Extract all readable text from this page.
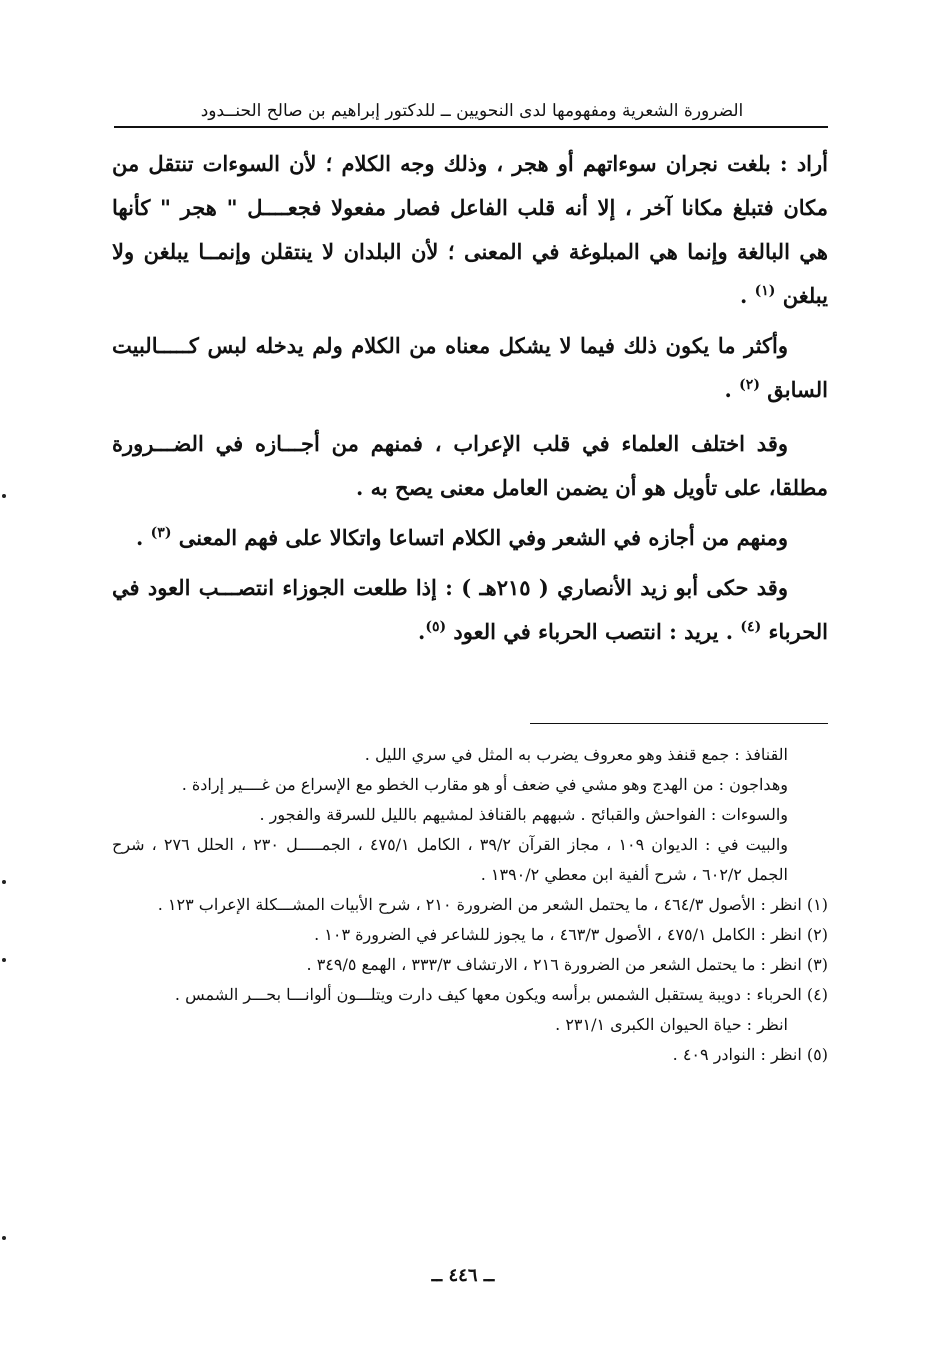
الضرورة الشعرية ومفهومها لدى النحويين ــ للدكتور إبراهيم بن صالح الحنــدود

أراد : بلغت نجران سوءاتهم أو هجر ، وذلك وجه الكلام ؛ لأن السوءات تنتقل من مكان فتبلغ مكانا آخر ، إلا أنه قلب الفاعل فصار مفعولا فجعــــل " هجر " كأنها هي البالغة وإنما هي المبلوغة في المعنى ؛ لأن البلدان لا ينتقلن وإنمــا يبلغن ولا يبلغن $^{(١)}$ .

وأكثر ما يكون ذلك فيما لا يشكل معناه من الكلام ولم يدخله لبس كـــــالبيت السابق $^{(٢)}$ .

وقد اختلف العلماء في قلب الإعراب ، فمنهم من أجـــازه في الضـــرورة مطلقا، على تأويل هو أن يضمن العامل معنى يصح به .

ومنهم من أجازه في الشعر وفي الكلام اتساعا واتكالا على فهم المعنى $^{(٣)}$ .

وقد حكى أبو زيد الأنصاري ( ٢١٥هـ ) : إذا طلعت الجوزاء انتصـــب العود في الحرباء $^{(٤)}$ . يريد : انتصب الحرباء في العود $^{(٥)}$.

القنافذ : جمع قنفذ وهو معروف يضرب به المثل في سري الليل .

وهداجون : من الهدج وهو مشي في ضعف أو هو مقارب الخطو مع الإسراع من غــــير إرادة .

والسوءات : الفواحش والقبائح . شبههم بالقنافذ لمشيهم بالليل للسرقة والفجور .

والبيت في : الديوان ١٠٩ ، مجاز القرآن ٣٩/٢ ، الكامل ٤٧٥/١ ، الجمـــــل ٢٣٠ ، الحلل ٢٧٦ ، شرح الجمل ٦٠٢/٢ ، شرح ألفية ابن معطي ١٣٩٠/٢ .

(١) انظر : الأصول ٤٦٤/٣ ، ما يحتمل الشعر من الضرورة ٢١٠ ، شرح الأبيات المشـــكلة الإعراب ١٢٣ .

(٢) انظر : الكامل ٤٧٥/١ ، الأصول ٤٦٣/٣ ، ما يجوز للشاعر في الضرورة ١٠٣ .

(٣) انظر : ما يحتمل الشعر من الضرورة ٢١٦ ، الارتشاف ٣٣٣/٣ ، الهمع ٣٤٩/٥ .

(٤) الحرباء : دويبة يستقبل الشمس برأسه ويكون معها كيف دارت ويتلـــون ألوانـــا بحـــر الشمس .

انظر : حياة الحيوان الكبرى ٢٣١/١ .

(٥) انظر : النوادر ٤٠٩ .

ــ ٤٤٦ ــ
